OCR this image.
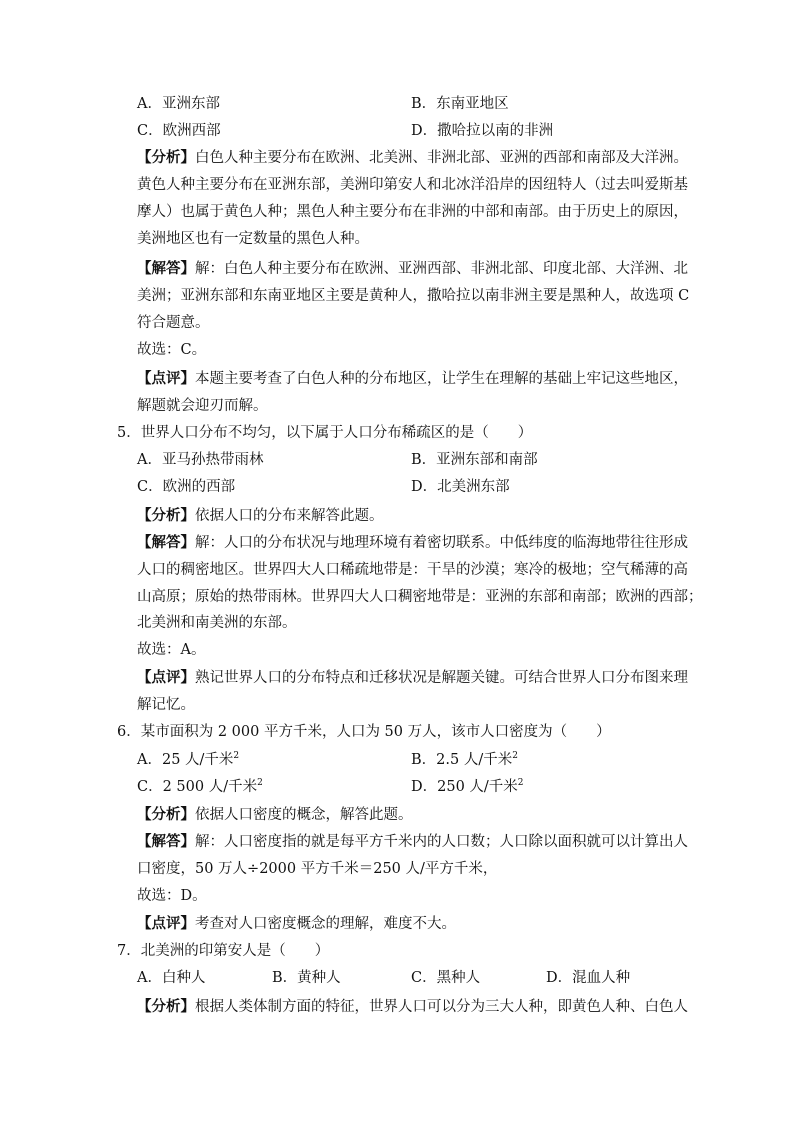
A．亚洲东部	B．东南亚地区
C．欧洲西部	D．撒哈拉以南的非洲
【分析】白色人种主要分布在欧洲、北美洲、非洲北部、亚洲的西部和南部及大洋洲。
黄色人种主要分布在亚洲东部，美洲印第安人和北冰洋沿岸的因纽特人（过去叫爱斯基
摩人）也属于黄色人种；黑色人种主要分布在非洲的中部和南部。由于历史上的原因，
美洲地区也有一定数量的黑色人种。
【解答】解：白色人种主要分布在欧洲、亚洲西部、非洲北部、印度北部、大洋洲、北
美洲；亚洲东部和东南亚地区主要是黄种人，撒哈拉以南非洲主要是黑种人，故选项 C
符合题意。
故选：C。
【点评】本题主要考查了白色人种的分布地区，让学生在理解的基础上牢记这些地区，
解题就会迎刃而解。
5．世界人口分布不均匀，以下属于人口分布稀疏区的是（　　）
A．亚马孙热带雨林	B．亚洲东部和南部
C．欧洲的西部	D．北美洲东部
【分析】依据人口的分布来解答此题。
【解答】解：人口的分布状况与地理环境有着密切联系。中低纬度的临海地带往往形成
人口的稠密地区。世界四大人口稀疏地带是：干旱的沙漠；寒冷的极地；空气稀薄的高
山高原；原始的热带雨林。世界四大人口稠密地带是：亚洲的东部和南部；欧洲的西部；
北美洲和南美洲的东部。
故选：A。
【点评】熟记世界人口的分布特点和迁移状况是解题关键。可结合世界人口分布图来理
解记忆。
6．某市面积为 2 000 平方千米，人口为 50 万人，该市人口密度为（　　）
A．25 人/千米$^2$	B．2.5 人/千米$^2$
C．2 500 人/千米$^2$	D．250 人/千米$^2$
【分析】依据人口密度的概念，解答此题。
【解答】解：人口密度指的就是每平方千米内的人口数；人口除以面积就可以计算出人
口密度，50 万人÷2000 平方千米＝250 人/平方千米，
故选：D。
【点评】考查对人口密度概念的理解，难度不大。
7．北美洲的印第安人是（　　）
A．白种人	B．黄种人	C．黑种人	D．混血人种
【分析】根据人类体制方面的特征，世界人口可以分为三大人种，即黄色人种、白色人
